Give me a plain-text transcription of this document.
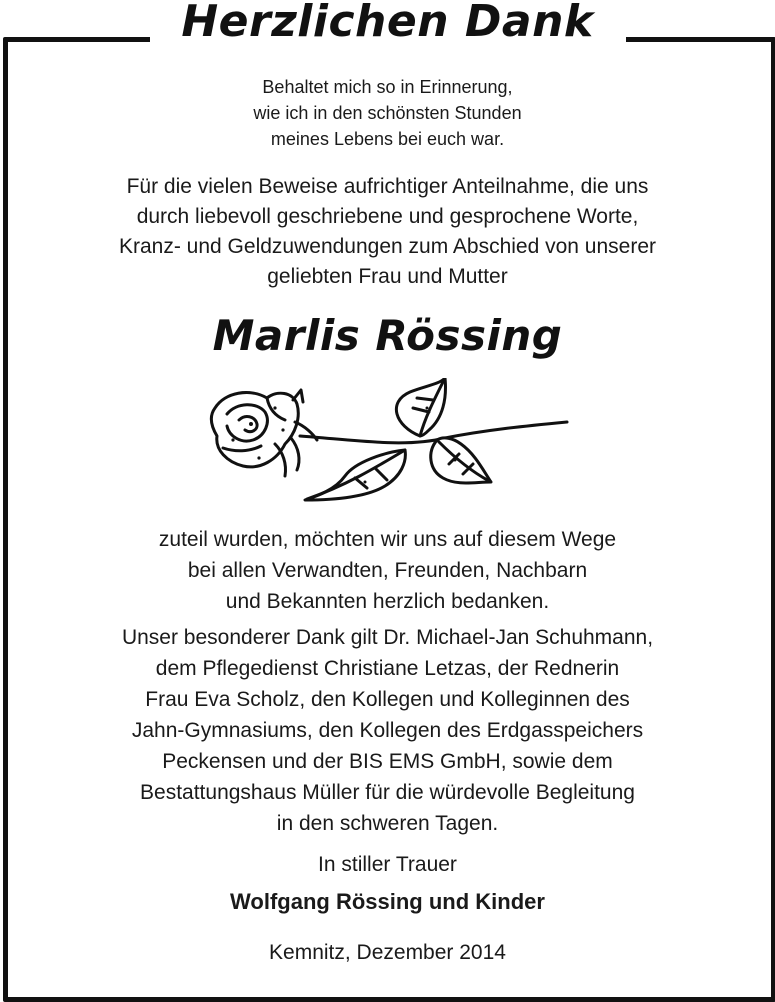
Herzlichen Dank
Behaltet mich so in Erinnerung,
wie ich in den schönsten Stunden
meines Lebens bei euch war.
Für die vielen Beweise aufrichtiger Anteilnahme, die uns
durch liebevoll geschriebene und gesprochene Worte,
Kranz- und Geldzuwendungen zum Abschied von unserer
geliebten Frau und Mutter
Marlis Rössing
zuteil wurden, möchten wir uns auf diesem Wege
bei allen Verwandten, Freunden, Nachbarn
und Bekannten herzlich bedanken.
Unser besonderer Dank gilt Dr. Michael-Jan Schuhmann,
dem Pflegedienst Christiane Letzas, der Rednerin
Frau Eva Scholz, den Kollegen und Kolleginnen des
Jahn-Gymnasiums, den Kollegen des Erdgasspeichers
Peckensen und der BIS EMS GmbH, sowie dem
Bestattungshaus Müller für die würdevolle Begleitung
in den schweren Tagen.
In stiller Trauer
Wolfgang Rössing und Kinder
Kemnitz, Dezember 2014
